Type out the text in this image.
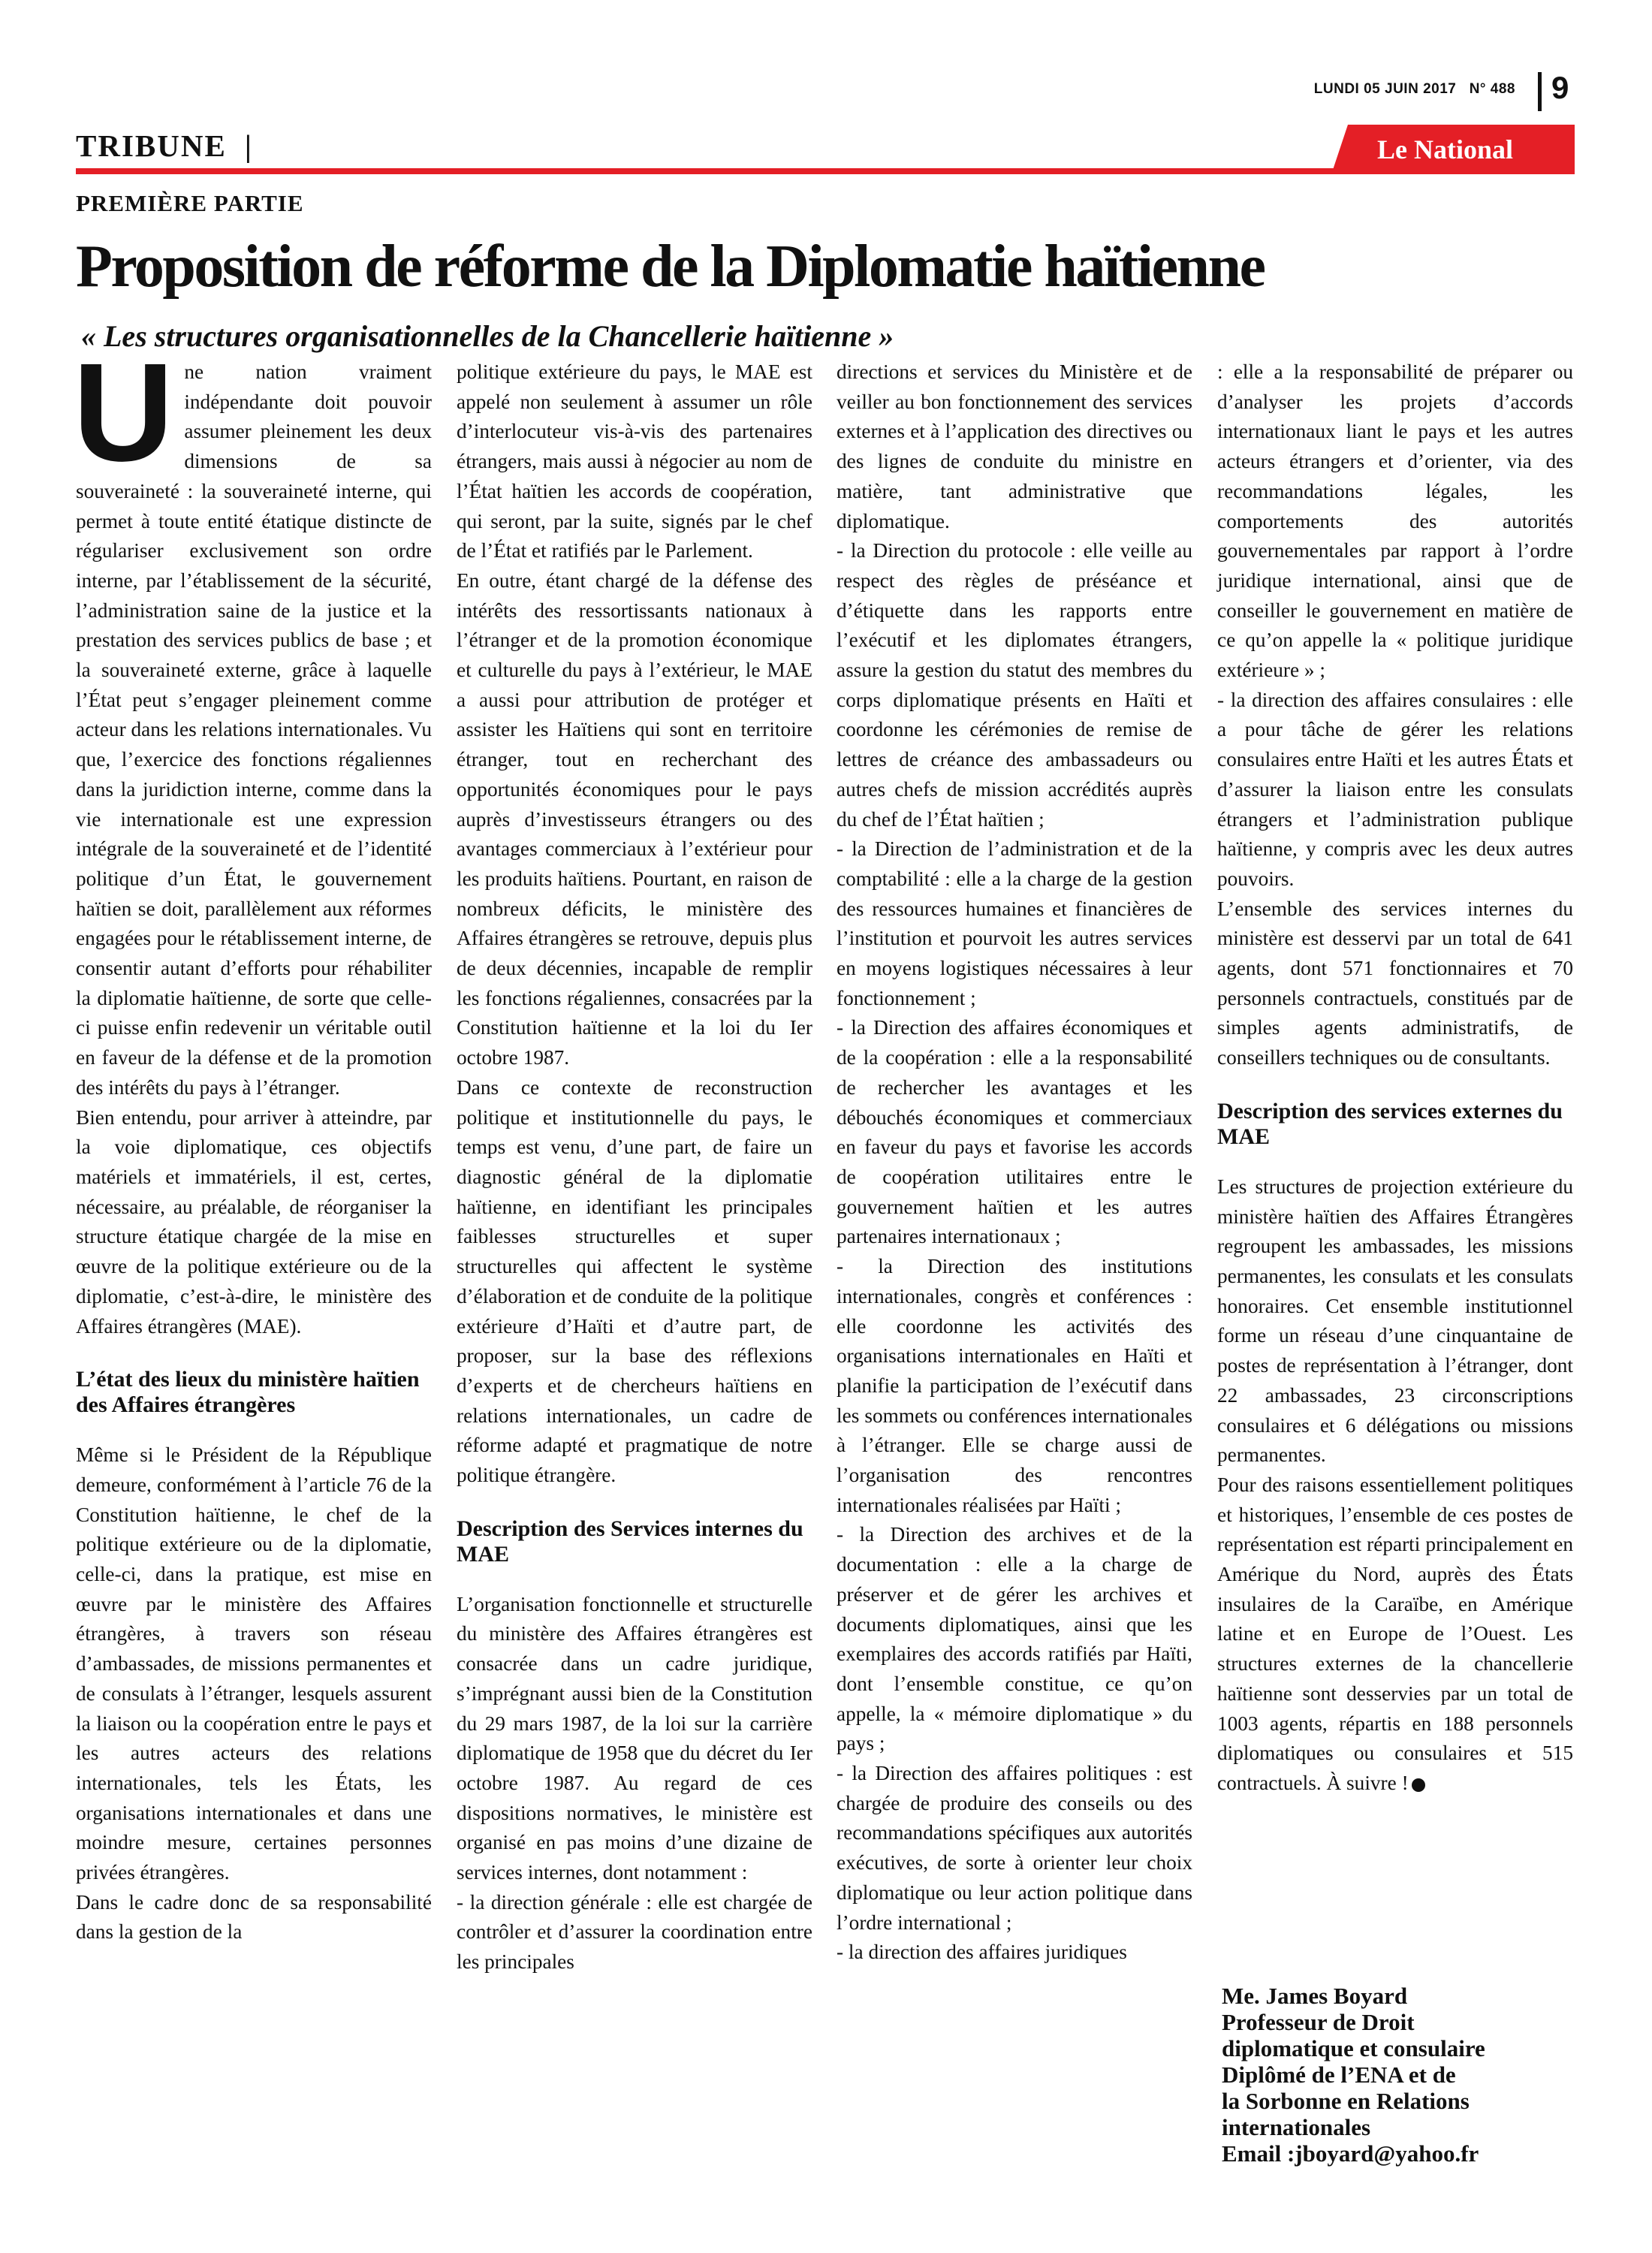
LUNDI 05 JUIN 2017 N° 488 9
TRIBUNE |	Le National
PREMIÈRE PARTIE
Proposition de réforme de la Diplomatie haïtienne
« Les structures organisationnelles de la Chancellerie haïtienne »

Une nation vraiment indépendante doit pouvoir assumer pleinement les deux dimensions de sa souveraineté : la souveraineté interne, qui permet à toute entité étatique distincte de régulariser exclusivement son ordre interne, par l’établissement de la sécurité, l’administration saine de la justice et la prestation des services publics de base ; et la souveraineté externe, grâce à laquelle l’État peut s’engager pleinement comme acteur dans les relations internationales. Vu que, l’exercice des fonctions régaliennes dans la juridiction interne, comme dans la vie internationale est une expression intégrale de la souveraineté et de l’identité politique d’un État, le gouvernement haïtien se doit, parallèlement aux réformes engagées pour le rétablissement interne, de consentir autant d’efforts pour réhabiliter la diplomatie haïtienne, de sorte que celle-ci puisse enfin redevenir un véritable outil en faveur de la défense et de la promotion des intérêts du pays à l’étranger.

Bien entendu, pour arriver à atteindre, par la voie diplomatique, ces objectifs matériels et immatériels, il est, certes, nécessaire, au préalable, de réorganiser la structure étatique chargée de la mise en œuvre de la politique extérieure ou de la diplomatie, c’est-à-dire, le ministère des Affaires étrangères (MAE).

L’état des lieux du ministère haïtien des Affaires étrangères

Même si le Président de la République demeure, conformément à l’article 76 de la Constitution haïtienne, le chef de la politique extérieure ou de la diplomatie, celle-ci, dans la pratique, est mise en œuvre par le ministère des Affaires étrangères, à travers son réseau d’ambassades, de missions permanentes et de consulats à l’étranger, lesquels assurent la liaison ou la coopération entre le pays et les autres acteurs des relations internationales, tels les États, les organisations internationales et dans une moindre mesure, certaines personnes privées étrangères.

Dans le cadre donc de sa responsabilité dans la gestion de la

politique extérieure du pays, le MAE est appelé non seulement à assumer un rôle d’interlocuteur vis-à-vis des partenaires étrangers, mais aussi à négocier au nom de l’État haïtien les accords de coopération, qui seront, par la suite, signés par le chef de l’État et ratifiés par le Parlement.

En outre, étant chargé de la défense des intérêts des ressortissants nationaux à l’étranger et de la promotion économique et culturelle du pays à l’extérieur, le MAE a aussi pour attribution de protéger et assister les Haïtiens qui sont en territoire étranger, tout en recherchant des opportunités économiques pour le pays auprès d’investisseurs étrangers ou des avantages commerciaux à l’extérieur pour les produits haïtiens. Pourtant, en raison de nombreux déficits, le ministère des Affaires étrangères se retrouve, depuis plus de deux décennies, incapable de remplir les fonctions régaliennes, consacrées par la Constitution haïtienne et la loi du Ier octobre 1987.

Dans ce contexte de reconstruction politique et institutionnelle du pays, le temps est venu, d’une part, de faire un diagnostic général de la diplomatie haïtienne, en identifiant les principales faiblesses structurelles et super structurelles qui affectent le système d’élaboration et de conduite de la politique extérieure d’Haïti et d’autre part, de proposer, sur la base des réflexions d’experts et de chercheurs haïtiens en relations internationales, un cadre de réforme adapté et pragmatique de notre politique étrangère.

Description des Services internes du MAE

L’organisation fonctionnelle et structurelle du ministère des Affaires étrangères est consacrée dans un cadre juridique, s’imprégnant aussi bien de la Constitution du 29 mars 1987, de la loi sur la carrière diplomatique de 1958 que du décret du Ier octobre 1987. Au regard de ces dispositions normatives, le ministère est organisé en pas moins d’une dizaine de services internes, dont notamment :

- la direction générale : elle est chargée de contrôler et d’assurer la coordination entre les principales

directions et services du Ministère et de veiller au bon fonctionnement des services externes et à l’application des directives ou des lignes de conduite du ministre en matière, tant administrative que diplomatique.

- la Direction du protocole : elle veille au respect des règles de préséance et d’étiquette dans les rapports entre l’exécutif et les diplomates étrangers, assure la gestion du statut des membres du corps diplomatique présents en Haïti et coordonne les cérémonies de remise de lettres de créance des ambassadeurs ou autres chefs de mission accrédités auprès du chef de l’État haïtien ;

- la Direction de l’administration et de la comptabilité : elle a la charge de la gestion des ressources humaines et financières de l’institution et pourvoit les autres services en moyens logistiques nécessaires à leur fonctionnement ;

- la Direction des affaires économiques et de la coopération : elle a la responsabilité de rechercher les avantages et les débouchés économiques et commerciaux en faveur du pays et favorise les accords de coopération utilitaires entre le gouvernement haïtien et les autres partenaires internationaux ;

- la Direction des institutions internationales, congrès et conférences : elle coordonne les activités des organisations internationales en Haïti et planifie la participation de l’exécutif dans les sommets ou conférences internationales à l’étranger. Elle se charge aussi de l’organisation des rencontres internationales réalisées par Haïti ;

- la Direction des archives et de la documentation : elle a la charge de préserver et de gérer les archives et documents diplomatiques, ainsi que les exemplaires des accords ratifiés par Haïti, dont l’ensemble constitue, ce qu’on appelle, la « mémoire diplomatique » du pays ;

- la Direction des affaires politiques : est chargée de produire des conseils ou des recommandations spécifiques aux autorités exécutives, de sorte à orienter leur choix diplomatique ou leur action politique dans l’ordre international ;

- la direction des affaires juridiques

: elle a la responsabilité de préparer ou d’analyser les projets d’accords internationaux liant le pays et les autres acteurs étrangers et d’orienter, via des recommandations légales, les comportements des autorités gouvernementales par rapport à l’ordre juridique international, ainsi que de conseiller le gouvernement en matière de ce qu’on appelle la « politique juridique extérieure » ;

- la direction des affaires consulaires : elle a pour tâche de gérer les relations consulaires entre Haïti et les autres États et d’assurer la liaison entre les consulats étrangers et l’administration publique haïtienne, y compris avec les deux autres pouvoirs.

L’ensemble des services internes du ministère est desservi par un total de 641 agents, dont 571 fonctionnaires et 70 personnels contractuels, constitués par de simples agents administratifs, de conseillers techniques ou de consultants.

Description des services externes du MAE

Les structures de projection extérieure du ministère haïtien des Affaires Étrangères regroupent les ambassades, les missions permanentes, les consulats et les consulats honoraires. Cet ensemble institutionnel forme un réseau d’une cinquantaine de postes de représentation à l’étranger, dont 22 ambassades, 23 circonscriptions consulaires et 6 délégations ou missions permanentes.

Pour des raisons essentiellement politiques et historiques, l’ensemble de ces postes de représentation est réparti principalement en Amérique du Nord, auprès des États insulaires de la Caraïbe, en Amérique latine et en Europe de l’Ouest. Les structures externes de la chancellerie haïtienne sont desservies par un total de 1003 agents, répartis en 188 personnels diplomatiques ou consulaires et 515 contractuels. À suivre !

Me. James Boyard
Professeur de Droit
diplomatique et consulaire
Diplômé de l’ENA et de
la Sorbonne en Relations
internationales
Email :jboyard@yahoo.fr
